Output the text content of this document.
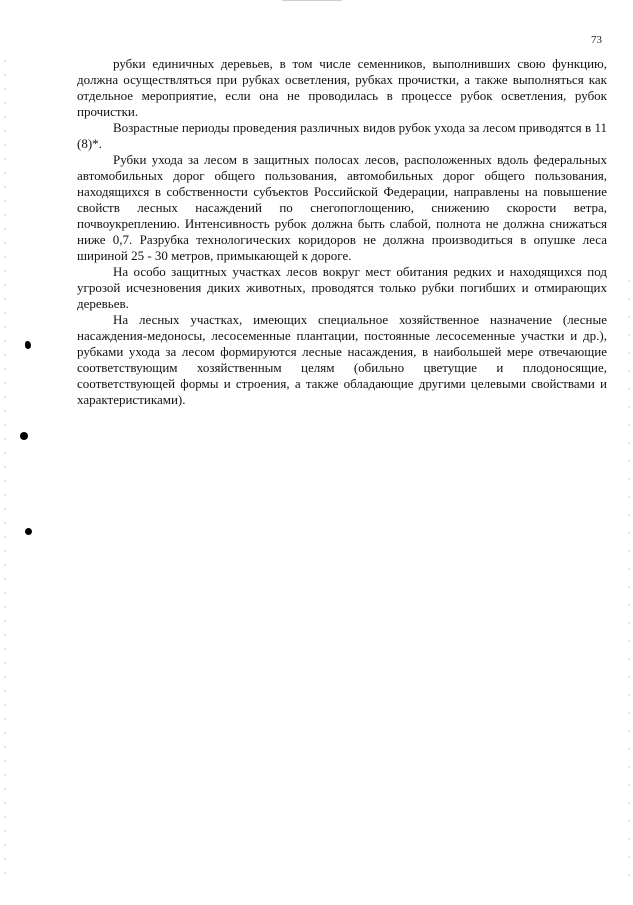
73

рубки единичных деревьев, в том числе семенников, выполнивших свою функцию, должна осуществляться при рубках осветления, рубках прочистки, а также выполняться как отдельное мероприятие, если она не проводилась в процессе рубок осветления, рубок прочистки.

Возрастные периоды проведения различных видов рубок ухода за лесом приводятся в 11 (8)*.

Рубки ухода за лесом в защитных полосах лесов, расположенных вдоль федеральных автомобильных дорог общего пользования, автомобильных дорог общего пользования, находящихся в собственности субъектов Российской Федерации, направлены на повышение свойств лесных насаждений по снегопоглощению, снижению скорости ветра, почвоукреплению. Интенсивность рубок должна быть слабой, полнота не должна снижаться ниже 0,7. Разрубка технологических коридоров не должна производиться в опушке леса шириной 25 - 30 метров, примыкающей к дороге.

На особо защитных участках лесов вокруг мест обитания редких и находящихся под угрозой исчезновения диких животных, проводятся только рубки погибших и отмирающих деревьев.

На лесных участках, имеющих специальное хозяйственное назначение (лесные насаждения-медоносы, лесосеменные плантации, постоянные лесосеменные участки и др.), рубками ухода за лесом формируются лесные насаждения, в наибольшей мере отвечающие соответствующим хозяйственным целям (обильно цветущие и плодоносящие, соответствующей формы и строения, а также обладающие другими целевыми свойствами и характеристиками).
